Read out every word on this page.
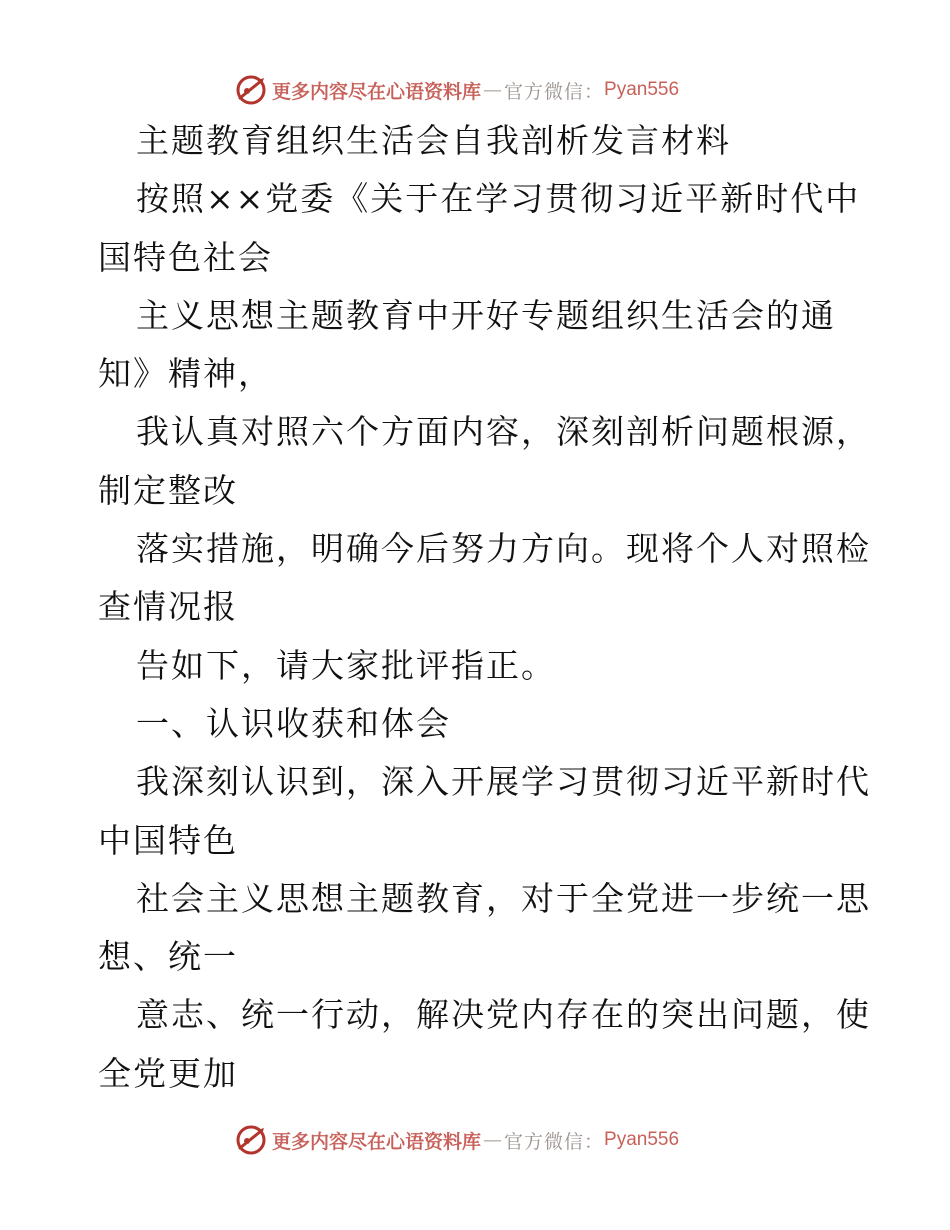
更多内容尽在心语资料库 — 官方微信： Pyan556
主题教育组织生活会自我剖析发言材料
按照××党委《关于在学习贯彻习近平新时代中
国特色社会
主义思想主题教育中开好专题组织生活会的通
知》精神，
我认真对照六个方面内容，深刻剖析问题根源，
制定整改
落实措施，明确今后努力方向。现将个人对照检
查情况报
告如下，请大家批评指正。
一、认识收获和体会
我深刻认识到，深入开展学习贯彻习近平新时代
中国特色
社会主义思想主题教育，对于全党进一步统一思
想、统一
意志、统一行动，解决党内存在的突出问题，使
全党更加
更多内容尽在心语资料库 — 官方微信： Pyan556
